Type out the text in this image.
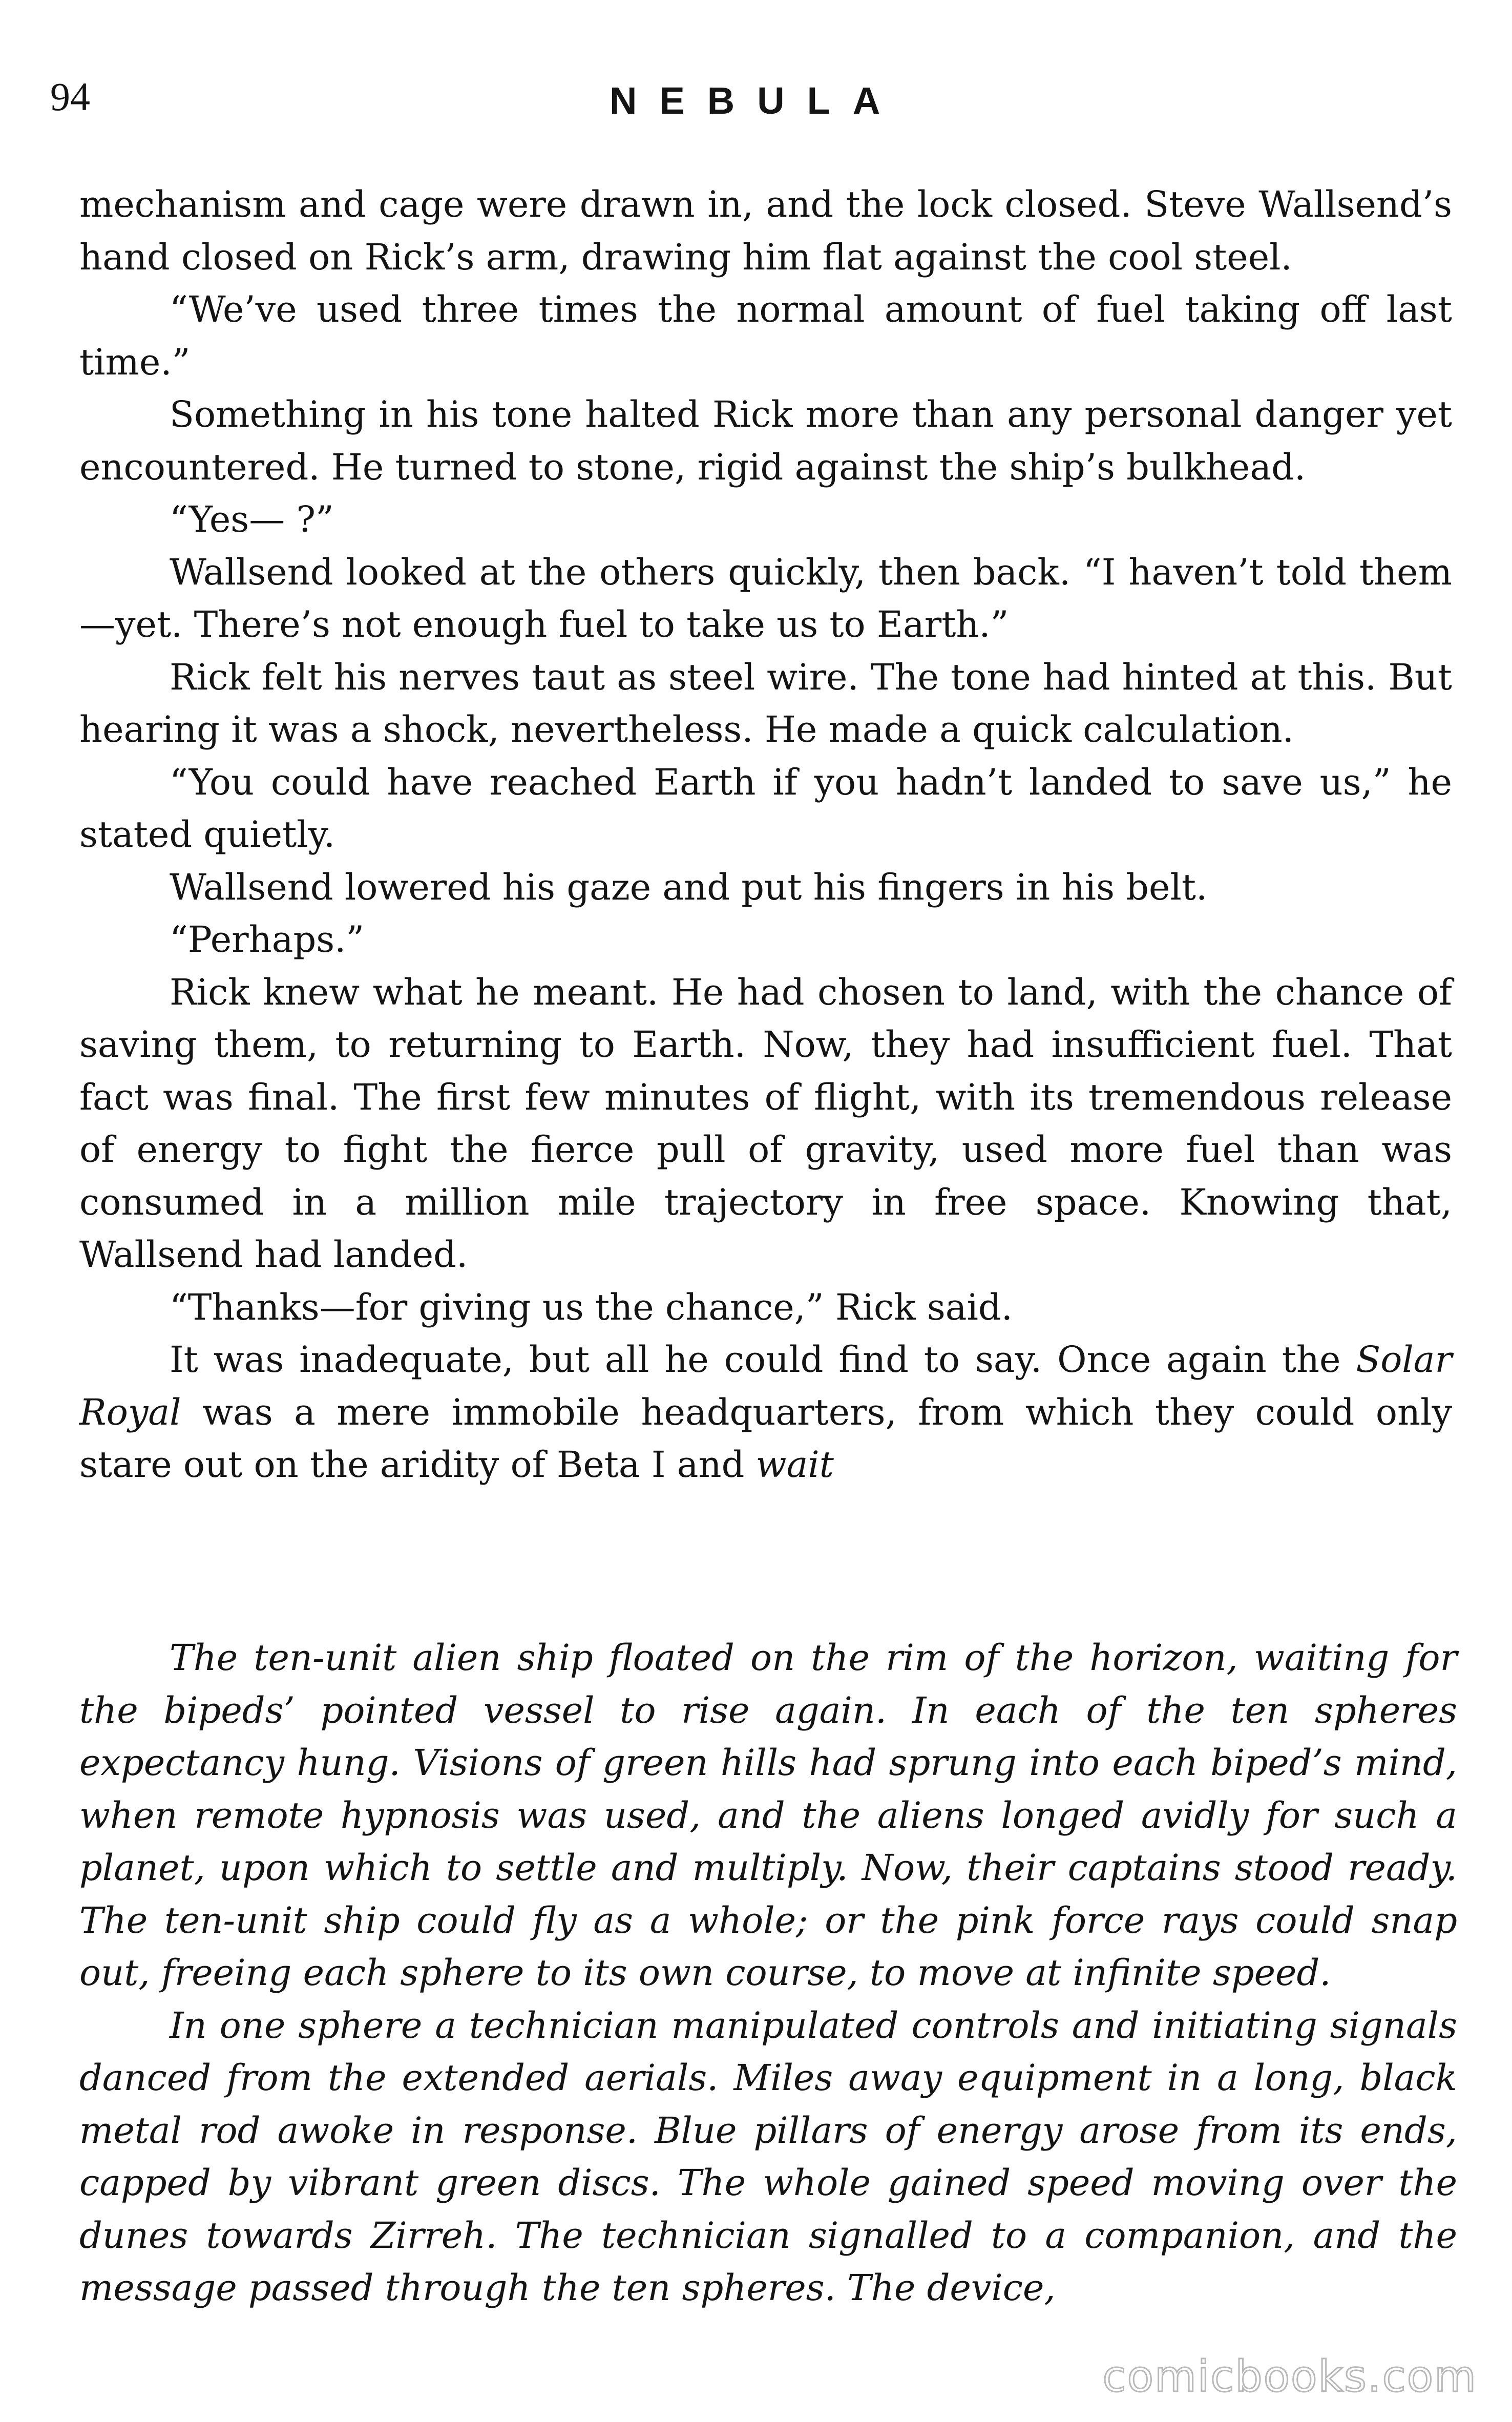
94	NEBULA

mechanism and cage were drawn in, and the lock closed. Steve Wallsend’s hand closed on Rick’s arm, drawing him flat against the cool steel.

“We’ve used three times the normal amount of fuel taking off last time.”

Something in his tone halted Rick more than any personal danger yet encountered. He turned to stone, rigid against the ship’s bulkhead.

“Yes— ?”

Wallsend looked at the others quickly, then back. “I haven’t told them—yet. There’s not enough fuel to take us to Earth.”

Rick felt his nerves taut as steel wire. The tone had hinted at this. But hearing it was a shock, nevertheless. He made a quick calculation.

“You could have reached Earth if you hadn’t landed to save us,” he stated quietly.

Wallsend lowered his gaze and put his fingers in his belt.

“Perhaps.”

Rick knew what he meant. He had chosen to land, with the chance of saving them, to returning to Earth. Now, they had insufficient fuel. That fact was final. The first few minutes of flight, with its tremendous release of energy to fight the fierce pull of gravity, used more fuel than was consumed in a million mile trajectory in free space. Knowing that, Wallsend had landed.

“Thanks—for giving us the chance,” Rick said.

It was inadequate, but all he could find to say. Once again the Solar Royal was a mere immobile headquarters, from which they could only stare out on the aridity of Beta I and wait

The ten-unit alien ship floated on the rim of the horizon, waiting for the bipeds’ pointed vessel to rise again. In each of the ten spheres expectancy hung. Visions of green hills had sprung into each biped’s mind, when remote hypnosis was used, and the aliens longed avidly for such a planet, upon which to settle and multiply. Now, their captains stood ready. The ten-unit ship could fly as a whole; or the pink force rays could snap out, freeing each sphere to its own course, to move at infinite speed.

In one sphere a technician manipulated controls and initiating signals danced from the extended aerials. Miles away equipment in a long, black metal rod awoke in response. Blue pillars of energy arose from its ends, capped by vibrant green discs. The whole gained speed moving over the dunes towards Zirreh. The technician signalled to a companion, and the message passed through the ten spheres. The device,

comicbooks.com
